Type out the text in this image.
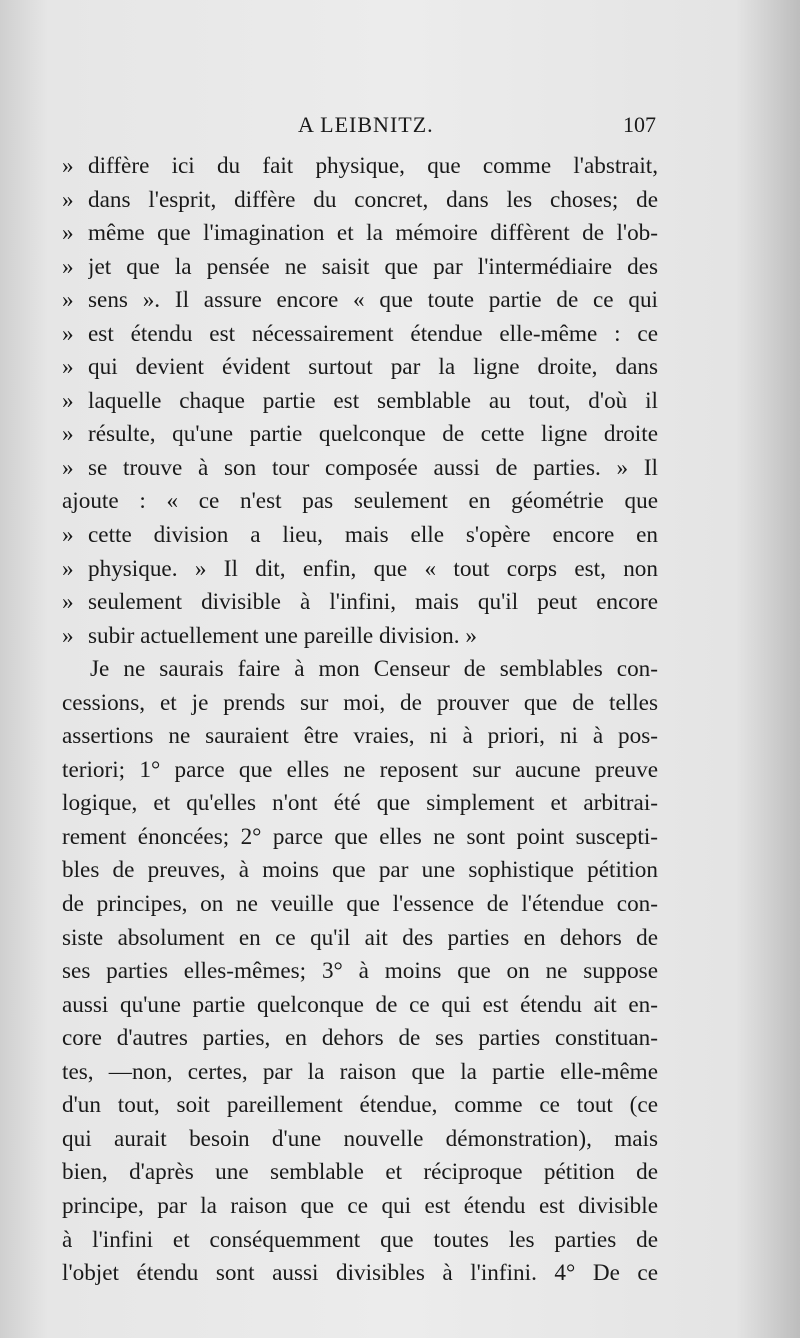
A LEIBNITZ.	107
» diffère ici du fait physique, que comme l'abstrait,
» dans l'esprit, diffère du concret, dans les choses; de
» même que l'imagination et la mémoire diffèrent de l'ob-
» jet que la pensée ne saisit que par l'intermédiaire des
» sens ». Il assure encore « que toute partie de ce qui
» est étendu est nécessairement étendue elle-même : ce
» qui devient évident surtout par la ligne droite, dans
» laquelle chaque partie est semblable au tout, d'où il
» résulte, qu'une partie quelconque de cette ligne droite
» se trouve à son tour composée aussi de parties. » Il
ajoute : « ce n'est pas seulement en géométrie que
» cette division a lieu, mais elle s'opère encore en
» physique. » Il dit, enfin, que « tout corps est, non
» seulement divisible à l'infini, mais qu'il peut encore
» subir actuellement une pareille division. »
Je ne saurais faire à mon Censeur de semblables con-
cessions, et je prends sur moi, de prouver que de telles
assertions ne sauraient être vraies, ni à priori, ni à pos-
teriori; 1° parce que elles ne reposent sur aucune preuve
logique, et qu'elles n'ont été que simplement et arbitrai-
rement énoncées; 2° parce que elles ne sont point suscepti-
bles de preuves, à moins que par une sophistique pétition
de principes, on ne veuille que l'essence de l'étendue con-
siste absolument en ce qu'il ait des parties en dehors de
ses parties elles-mêmes; 3° à moins que on ne suppose
aussi qu'une partie quelconque de ce qui est étendu ait en-
core d'autres parties, en dehors de ses parties constituan-
tes, —non, certes, par la raison que la partie elle-même
d'un tout, soit pareillement étendue, comme ce tout (ce
qui aurait besoin d'une nouvelle démonstration), mais
bien, d'après une semblable et réciproque pétition de
principe, par la raison que ce qui est étendu est divisible
à l'infini et conséquemment que toutes les parties de
l'objet étendu sont aussi divisibles à l'infini. 4° De ce
